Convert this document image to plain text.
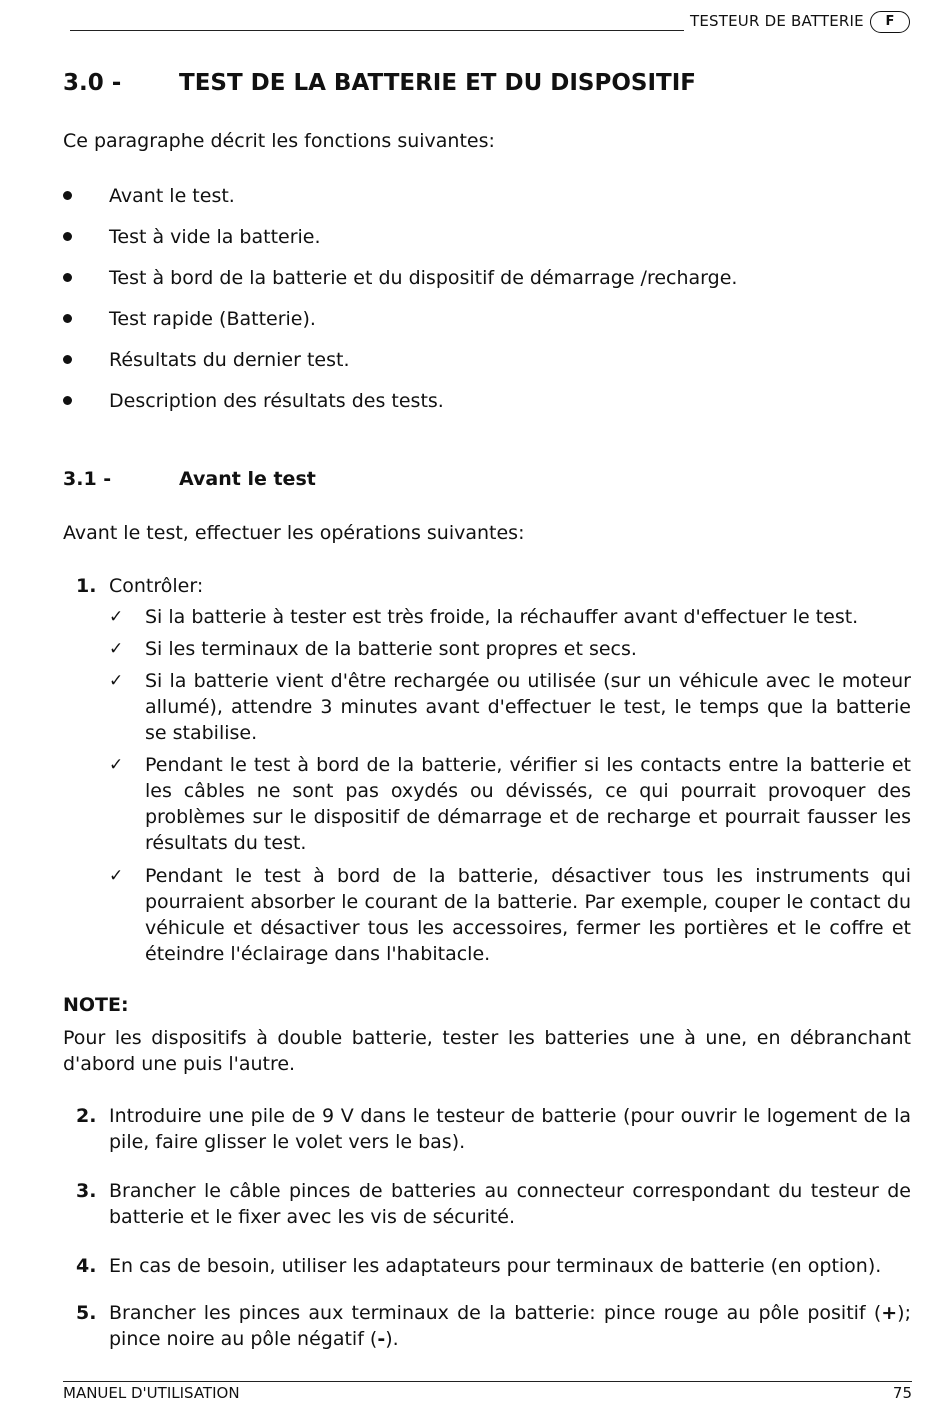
TESTEUR DE BATTERIE	F
3.0 -	TEST DE LA BATTERIE ET DU DISPOSITIF
Ce paragraphe décrit les fonctions suivantes:
Avant le test.
Test à vide la batterie.
Test à bord de la batterie et du dispositif de démarrage /recharge.
Test rapide (Batterie).
Résultats du dernier test.
Description des résultats des tests.
3.1 -	Avant le test
Avant le test, effectuer les opérations suivantes:
1. Contrôler:
✓ Si la batterie à tester est très froide, la réchauffer avant d'effectuer le test.
✓ Si les terminaux de la batterie sont propres et secs.
✓ Si la batterie vient d'être rechargée ou utilisée (sur un véhicule avec le moteur allumé), attendre 3 minutes avant d'effectuer le test, le temps que la batterie se stabilise.
✓ Pendant le test à bord de la batterie, vérifier si les contacts entre la batterie et les câbles ne sont pas oxydés ou dévissés, ce qui pourrait provoquer des problèmes sur le dispositif de démarrage et de recharge et pourrait fausser les résultats du test.
✓ Pendant le test à bord de la batterie, désactiver tous les instruments qui pourraient absorber le courant de la batterie. Par exemple, couper le contact du véhicule et désactiver tous les accessoires, fermer les portières et le coffre et éteindre l'éclairage dans l'habitacle.
2. Introduire une pile de 9 V dans le testeur de batterie (pour ouvrir le logement de la pile, faire glisser le volet vers le bas).
3. Brancher le câble pinces de batteries au connecteur correspondant du testeur de batterie et le fixer avec les vis de sécurité.
4. En cas de besoin, utiliser les adaptateurs pour terminaux de batterie (en option).
5. Brancher les pinces aux terminaux de la batterie: pince rouge au pôle positif (+); pince noire au pôle négatif (-).
NOTE:
Pour les dispositifs à double batterie, tester les batteries une à une, en débranchant d'abord une puis l'autre.
MANUEL D'UTILISATION	75
